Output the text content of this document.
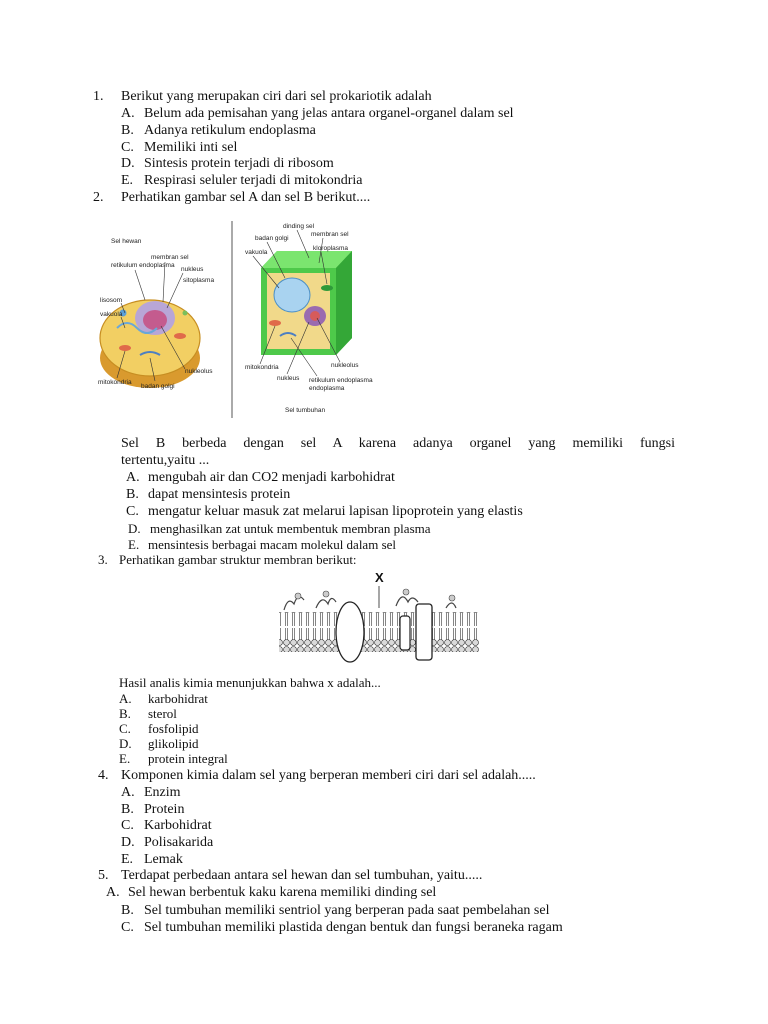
1. Berikut yang merupakan ciri dari sel prokariotik adalah
A. Belum ada pemisahan yang jelas antara organel-organel dalam sel
B. Adanya retikulum endoplasma
C. Memiliki inti sel
D. Sintesis protein terjadi di ribosom
E. Respirasi seluler terjadi di mitokondria
2. Perhatikan gambar sel A dan sel B berikut....
Sel hewan
membran sel
retikulum endoplasma
nukleus
sitoplasma
lisosom
vakuola
nukleolus
mitokondria
badan golgi
dinding sel
badan golgi
membran sel
vakuola
kloroplasma
mitokondria	nukleolus
nukleus retikulum endoplasma
endoplasma
Sel tumbuhan
Sel B berbeda dengan sel A karena adanya organel yang memiliki fungsi
tertentu,yaitu ...
A. mengubah air dan CO2 menjadi karbohidrat
B. dapat mensintesis protein
C. mengatur keluar masuk zat melarui lapisan lipoprotein yang elastis
D. menghasilkan zat untuk membentuk membran plasma
E. mensintesis berbagai macam molekul dalam sel
3. Perhatikan gambar struktur membran berikut:
X
Hasil analis kimia menunjukkan bahwa x adalah...
A. karbohidrat
B. sterol
C. fosfolipid
D. glikolipid
E. protein integral
4. Komponen kimia dalam sel yang berperan memberi ciri dari sel adalah.....
A. Enzim
B. Protein
C. Karbohidrat
D. Polisakarida
E. Lemak
5. Terdapat perbedaan antara sel hewan dan sel tumbuhan, yaitu.....
A. Sel hewan berbentuk kaku karena memiliki dinding sel
B. Sel tumbuhan memiliki sentriol yang berperan pada saat pembelahan sel
C. Sel tumbuhan memiliki plastida dengan bentuk dan fungsi beraneka ragam
